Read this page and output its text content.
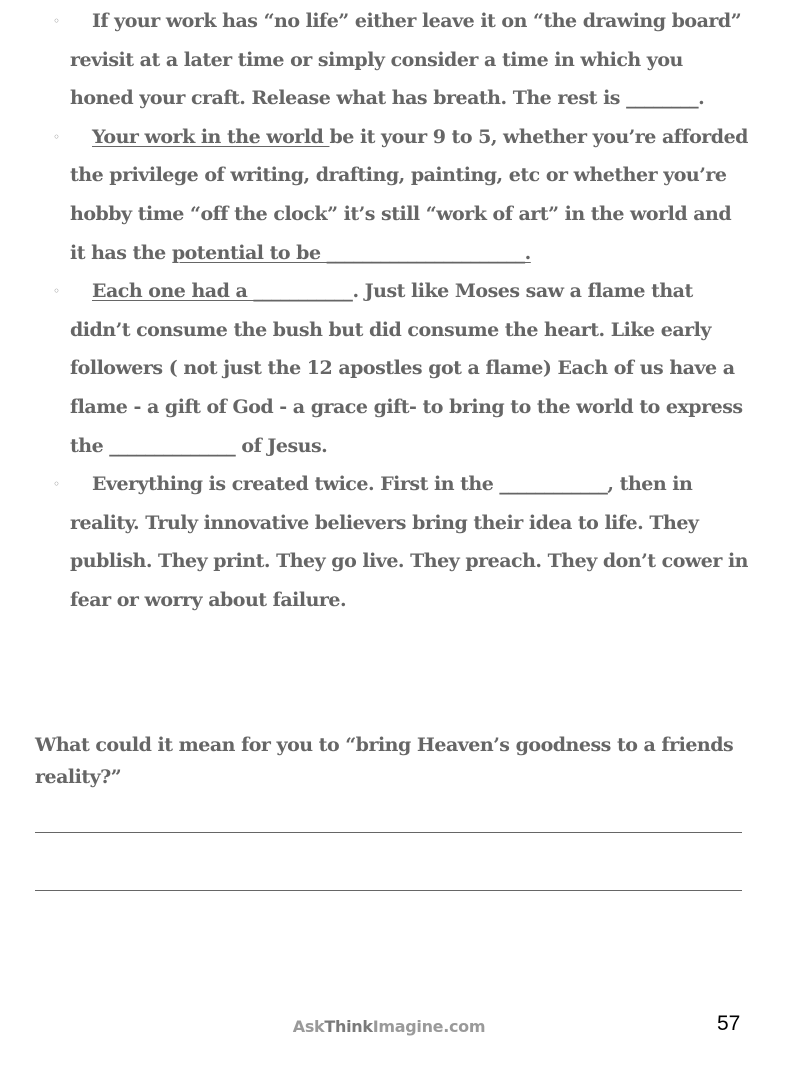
◦ If your work has “no life” either leave it on “the drawing board” revisit at a later time or simply consider a time in which you honed your craft. Release what has breath. The rest is ________.
◦ Your work in the world be it your 9 to 5, whether you’re afforded the privilege of writing, drafting, painting, etc or whether you’re hobby time “off the clock” it’s still “work of art” in the world and it has the potential to be ______________________.
◦ Each one had a ___________. Just like Moses saw a flame that didn’t consume the bush but did consume the heart. Like early followers ( not just the 12 apostles got a flame) Each of us have a flame - a gift of God - a grace gift- to bring to the world to express the ______________ of Jesus.
◦ Everything is created twice. First in the ____________, then in reality. Truly innovative believers bring their idea to life. They publish. They print. They go live. They preach. They don’t cower in fear or worry about failure.

What could it mean for you to “bring Heaven’s goodness to a friends reality?”

AskThinkImagine.com	57
